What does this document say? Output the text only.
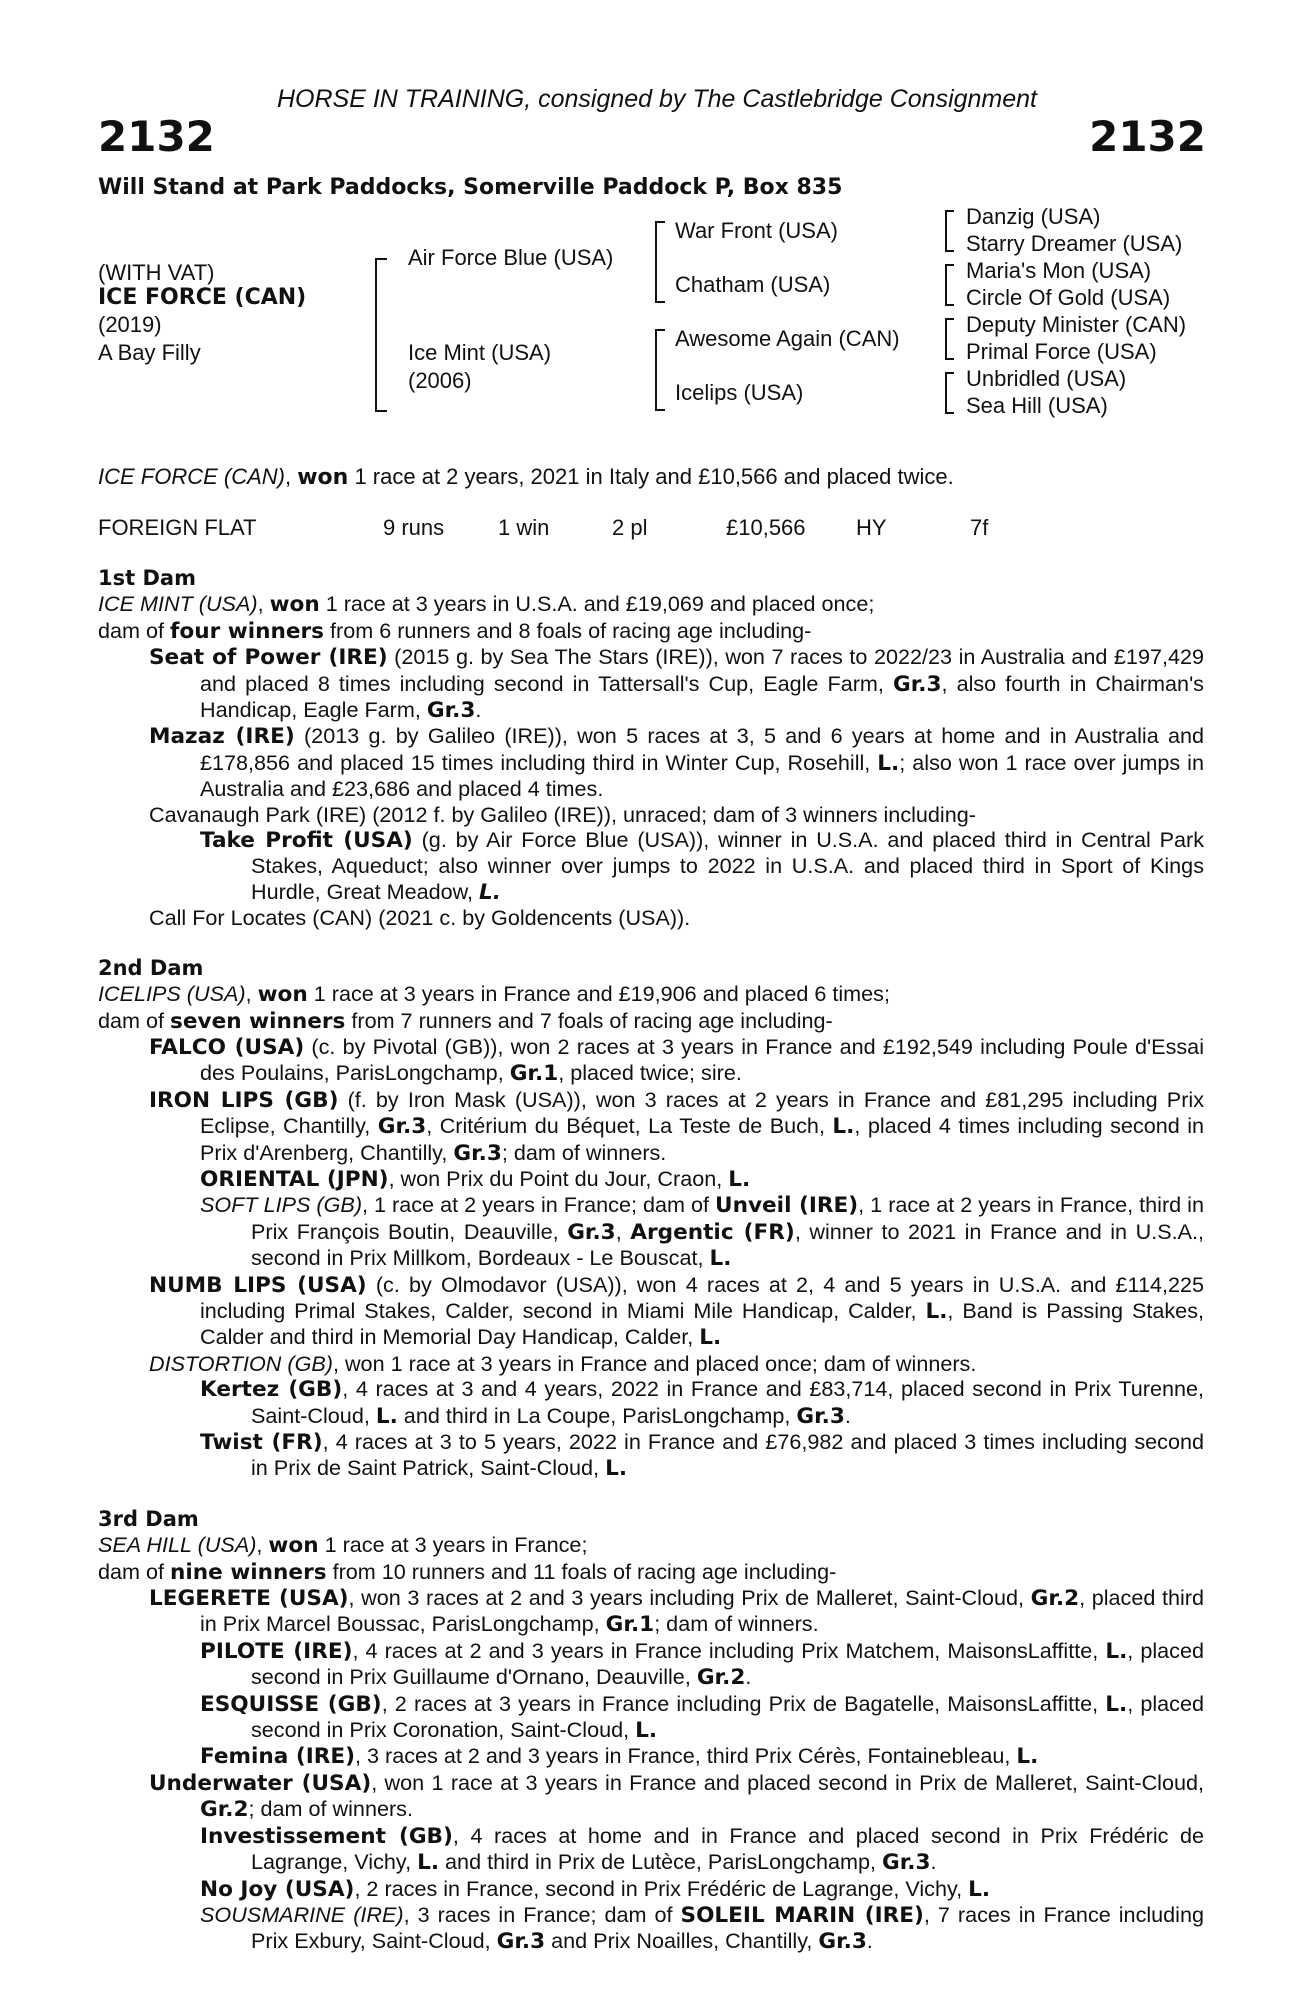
HORSE IN TRAINING, consigned by The Castlebridge Consignment
2132	2132
Will Stand at Park Paddocks, Somerville Paddock P, Box 835
(WITH VAT)
ICE FORCE (CAN)
(2019)
A Bay Filly
Air Force Blue (USA)
Ice Mint (USA)
(2006)
War Front (USA)
Chatham (USA)
Awesome Again (CAN)
Icelips (USA)
Danzig (USA)
Starry Dreamer (USA)
Maria's Mon (USA)
Circle Of Gold (USA)
Deputy Minister (CAN)
Primal Force (USA)
Unbridled (USA)
Sea Hill (USA)
ICE FORCE (CAN), won 1 race at 2 years, 2021 in Italy and £10,566 and placed twice.
FOREIGN FLAT	9 runs 1 win	2 pl	£10,566 HY	7f

1st Dam

ICE MINT (USA), won 1 race at 3 years in U.S.A. and £19,069 and placed once;

dam of four winners from 6 runners and 8 foals of racing age including-

Seat of Power (IRE) (2015 g. by Sea The Stars (IRE)), won 7 races to 2022/23 in Australia and £197,429 and placed 8 times including second in Tattersall's Cup, Eagle Farm, Gr.3, also fourth in Chairman's Handicap, Eagle Farm, Gr.3.

Mazaz (IRE) (2013 g. by Galileo (IRE)), won 5 races at 3, 5 and 6 years at home and in Australia and £178,856 and placed 15 times including third in Winter Cup, Rosehill, L.; also won 1 race over jumps in Australia and £23,686 and placed 4 times.

Cavanaugh Park (IRE) (2012 f. by Galileo (IRE)), unraced; dam of 3 winners including-

Take Profit (USA) (g. by Air Force Blue (USA)), winner in U.S.A. and placed third in Central Park Stakes, Aqueduct; also winner over jumps to 2022 in U.S.A. and placed third in Sport of Kings Hurdle, Great Meadow, L.

Call For Locates (CAN) (2021 c. by Goldencents (USA)).

2nd Dam

ICELIPS (USA), won 1 race at 3 years in France and £19,906 and placed 6 times;

dam of seven winners from 7 runners and 7 foals of racing age including-

FALCO (USA) (c. by Pivotal (GB)), won 2 races at 3 years in France and £192,549 including Poule d'Essai des Poulains, ParisLongchamp, Gr.1, placed twice; sire.

IRON LIPS (GB) (f. by Iron Mask (USA)), won 3 races at 2 years in France and £81,295 including Prix Eclipse, Chantilly, Gr.3, Critérium du Béquet, La Teste de Buch, L., placed 4 times including second in Prix d'Arenberg, Chantilly, Gr.3; dam of winners.

ORIENTAL (JPN), won Prix du Point du Jour, Craon, L.

SOFT LIPS (GB), 1 race at 2 years in France; dam of Unveil (IRE), 1 race at 2 years in France, third in Prix François Boutin, Deauville, Gr.3, Argentic (FR), winner to 2021 in France and in U.S.A., second in Prix Millkom, Bordeaux - Le Bouscat, L.

NUMB LIPS (USA) (c. by Olmodavor (USA)), won 4 races at 2, 4 and 5 years in U.S.A. and £114,225 including Primal Stakes, Calder, second in Miami Mile Handicap, Calder, L., Band is Passing Stakes, Calder and third in Memorial Day Handicap, Calder, L.

DISTORTION (GB), won 1 race at 3 years in France and placed once; dam of winners.

Kertez (GB), 4 races at 3 and 4 years, 2022 in France and £83,714, placed second in Prix Turenne, Saint-Cloud, L. and third in La Coupe, ParisLongchamp, Gr.3.

Twist (FR), 4 races at 3 to 5 years, 2022 in France and £76,982 and placed 3 times including second in Prix de Saint Patrick, Saint-Cloud, L.

3rd Dam

SEA HILL (USA), won 1 race at 3 years in France;

dam of nine winners from 10 runners and 11 foals of racing age including-

LEGERETE (USA), won 3 races at 2 and 3 years including Prix de Malleret, Saint-Cloud, Gr.2, placed third in Prix Marcel Boussac, ParisLongchamp, Gr.1; dam of winners.

PILOTE (IRE), 4 races at 2 and 3 years in France including Prix Matchem, MaisonsLaffitte, L., placed second in Prix Guillaume d'Ornano, Deauville, Gr.2.

ESQUISSE (GB), 2 races at 3 years in France including Prix de Bagatelle, MaisonsLaffitte, L., placed second in Prix Coronation, Saint-Cloud, L.

Femina (IRE), 3 races at 2 and 3 years in France, third Prix Cérès, Fontainebleau, L.

Underwater (USA), won 1 race at 3 years in France and placed second in Prix de Malleret, Saint-Cloud, Gr.2; dam of winners.

Investissement (GB), 4 races at home and in France and placed second in Prix Frédéric de Lagrange, Vichy, L. and third in Prix de Lutèce, ParisLongchamp, Gr.3.

No Joy (USA), 2 races in France, second in Prix Frédéric de Lagrange, Vichy, L.

SOUSMARINE (IRE), 3 races in France; dam of SOLEIL MARIN (IRE), 7 races in France including Prix Exbury, Saint-Cloud, Gr.3 and Prix Noailles, Chantilly, Gr.3.
